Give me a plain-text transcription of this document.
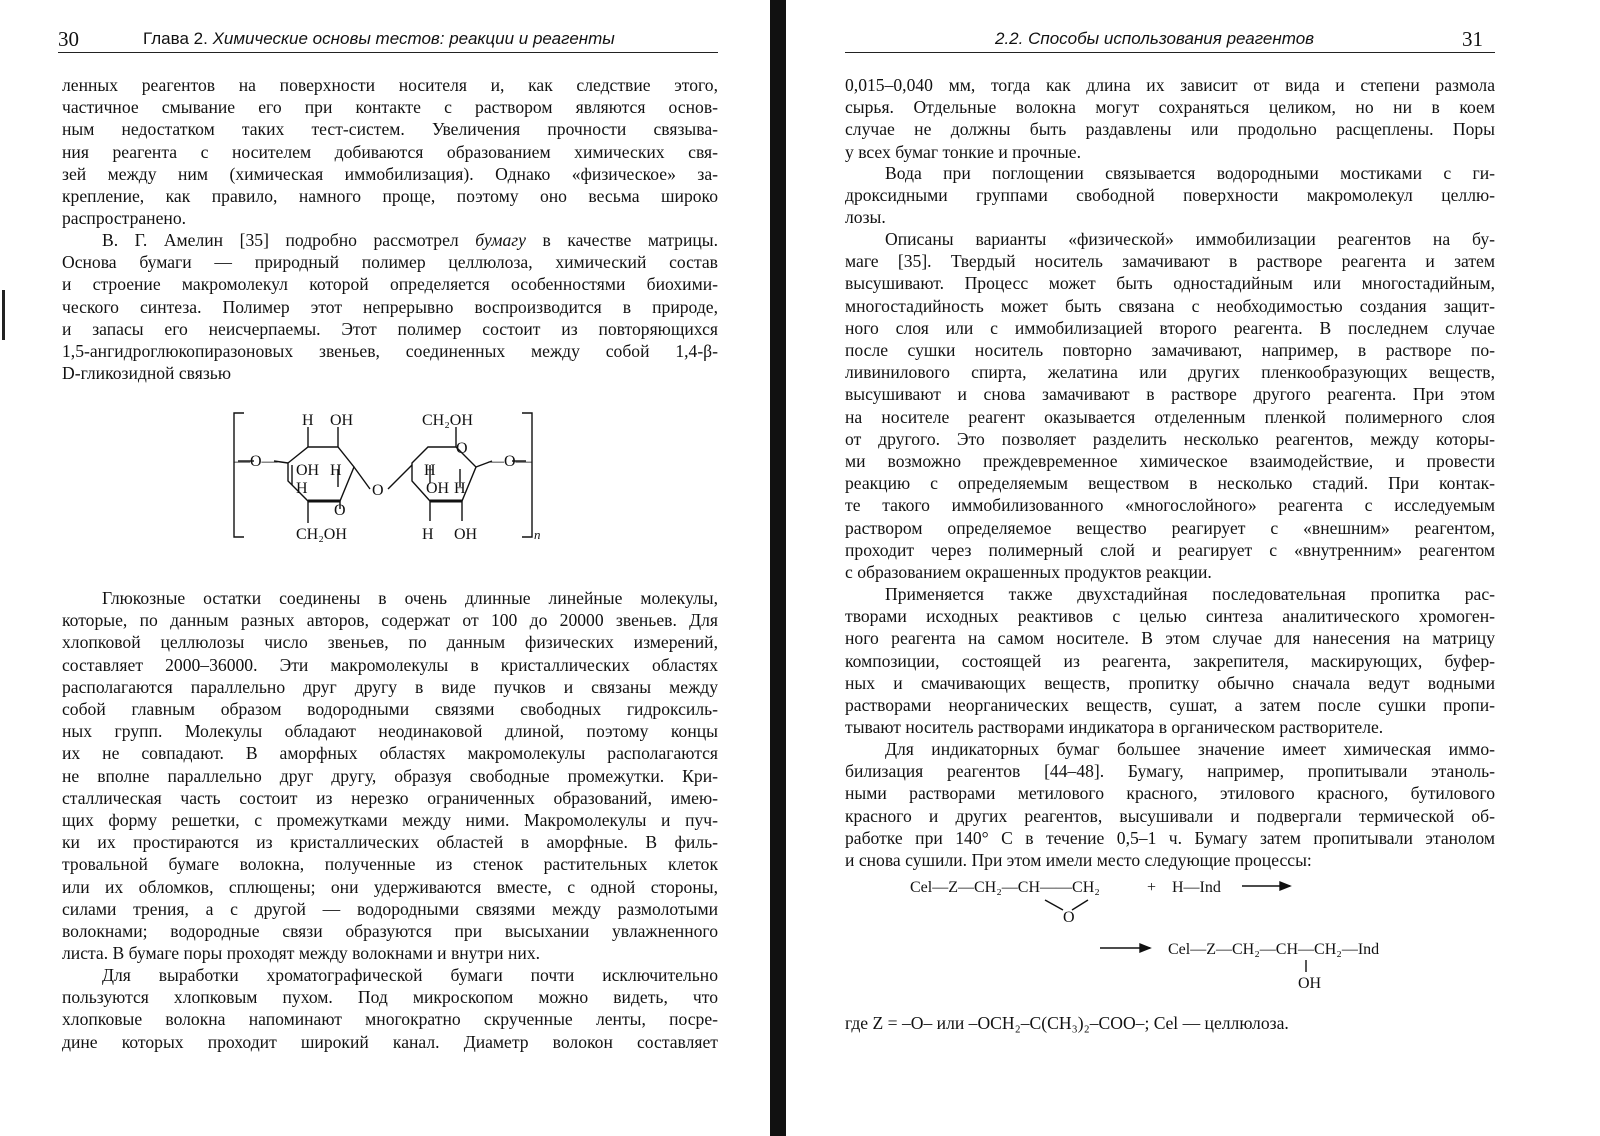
30	Глава 2. Химические основы тестов: реакции и реагенты
ленных реагентов на поверхности носителя и, как следствие этого,
частичное смывание его при контакте с раствором являются основ-
ным недостатком таких тест-систем. Увеличения прочности связыва-
ния реагента с носителем добиваются образованием химических свя-
зей между ним (химическая иммобилизация). Однако «физическое» за-
крепление, как правило, намного проще, поэтому оно весьма широко
распространено.
В. Г. Амелин [35] подробно рассмотрел бумагу в качестве матрицы.
Основа бумаги — природный полимер целлюлоза, химический состав
и строение макромолекул которой определяется особенностями биохими-
ческого синтеза. Полимер этот непрерывно воспроизводится в природе,
и запасы его неисчерпаемы. Этот полимер состоит из повторяющихся
1,5-ангидроглюкопиразоновых звеньев, соединенных между собой 1,4-β-
D-гликозидной связью
H OH	CH₂OH
OH H
H
O
O
CH₂OH	H OH
—O—	—O—
OH H
H
O
n
Глюкозные остатки соединены в очень длинные линейные молекулы,
которые, по данным разных авторов, содержат от 100 до 20000 звеньев. Для
хлопковой целлюлозы число звеньев, по данным физических измерений,
составляет 2000–36000. Эти макромолекулы в кристаллических областях
располагаются параллельно друг другу в виде пучков и связаны между
собой главным образом водородными связями свободных гидроксиль-
ных групп. Молекулы обладают неодинаковой длиной, поэтому концы
их не совпадают. В аморфных областях макромолекулы располагаются
не вполне параллельно друг другу, образуя свободные промежутки. Кри-
сталлическая часть состоит из нерезко ограниченных образований, имею-
щих форму решетки, с промежутками между ними. Макромолекулы и пуч-
ки их простираются из кристаллических областей в аморфные. В филь-
тровальной бумаге волокна, полученные из стенок растительных клеток
или их обломков, сплющены; они удерживаются вместе, с одной стороны,
силами трения, а с другой — водородными связями между размолотыми
волокнами; водородные связи образуются при высыхании увлажненного
листа. В бумаге поры проходят между волокнами и внутри них.
Для выработки хроматографической бумаги почти исключительно
пользуются хлопковым пухом. Под микроскопом можно видеть, что
хлопковые волокна напоминают многократно скрученные ленты, посре-
дине которых проходит широкий канал. Диаметр волокон составляет
2.2. Способы использования реагентов	31
0,015–0,040 мм, тогда как длина их зависит от вида и степени размола
сырья. Отдельные волокна могут сохраняться целиком, но ни в коем
случае не должны быть раздавлены или продольно расщеплены. Поры
у всех бумаг тонкие и прочные.
Вода при поглощении связывается водородными мостиками с ги-
дроксидными группами свободной поверхности макромолекул целлю-
лозы.
Описаны варианты «физической» иммобилизации реагентов на бу-
маге [35]. Твердый носитель замачивают в растворе реагента и затем
высушивают. Процесс может быть одностадийным или многостадийным,
многостадийность может быть связана с необходимостью создания защит-
ного слоя или с иммобилизацией второго реагента. В последнем случае
после сушки носитель повторно замачивают, например, в растворе по-
ливинилового спирта, желатина или других пленкообразующих веществ,
высушивают и снова замачивают в растворе другого реагента. При этом
на носителе реагент оказывается отделенным пленкой полимерного слоя
от другого. Это позволяет разделить несколько реагентов, между которы-
ми возможно преждевременное химическое взаимодействие, и провести
реакцию с определяемым веществом в несколько стадий. При контак-
те такого иммобилизованного «многослойного» реагента с исследуемым
раствором определяемое вещество реагирует с «внешним» реагентом,
проходит через полимерный слой и реагирует с «внутренним» реагентом
с образованием окрашенных продуктов реакции.
Применяется также двухстадийная последовательная пропитка рас-
творами исходных реактивов с целью синтеза аналитического хромоген-
ного реагента на самом носителе. В этом случае для нанесения на матрицу
композиции, состоящей из реагента, закрепителя, маскирующих, буфер-
ных и смачивающих веществ, пропитку обычно сначала ведут водными
растворами неорганических веществ, сушат, а затем после сушки пропи-
тывают носитель растворами индикатора в органическом растворителе.
Для индикаторных бумаг большее значение имеет химическая иммо-
билизация реагентов [44–48]. Бумагу, например, пропитывали этаноль-
ными растворами метилового красного, этилового красного, бутилового
красного и других реагентов, высушивали и подвергали термической об-
работке при 140° С в течение 0,5–1 ч. Бумагу затем пропитывали этанолом
и снова сушили. При этом имели место следующие процессы:
Cel—Z—CH₂—CH——CH₂	+ H—Ind
O
Cel—Z—CH₂—CH—CH₂—Ind
OH
где Z = –O– или –OCH₂–C(CH₃)₂–COO–; Cel — целлюлоза.
